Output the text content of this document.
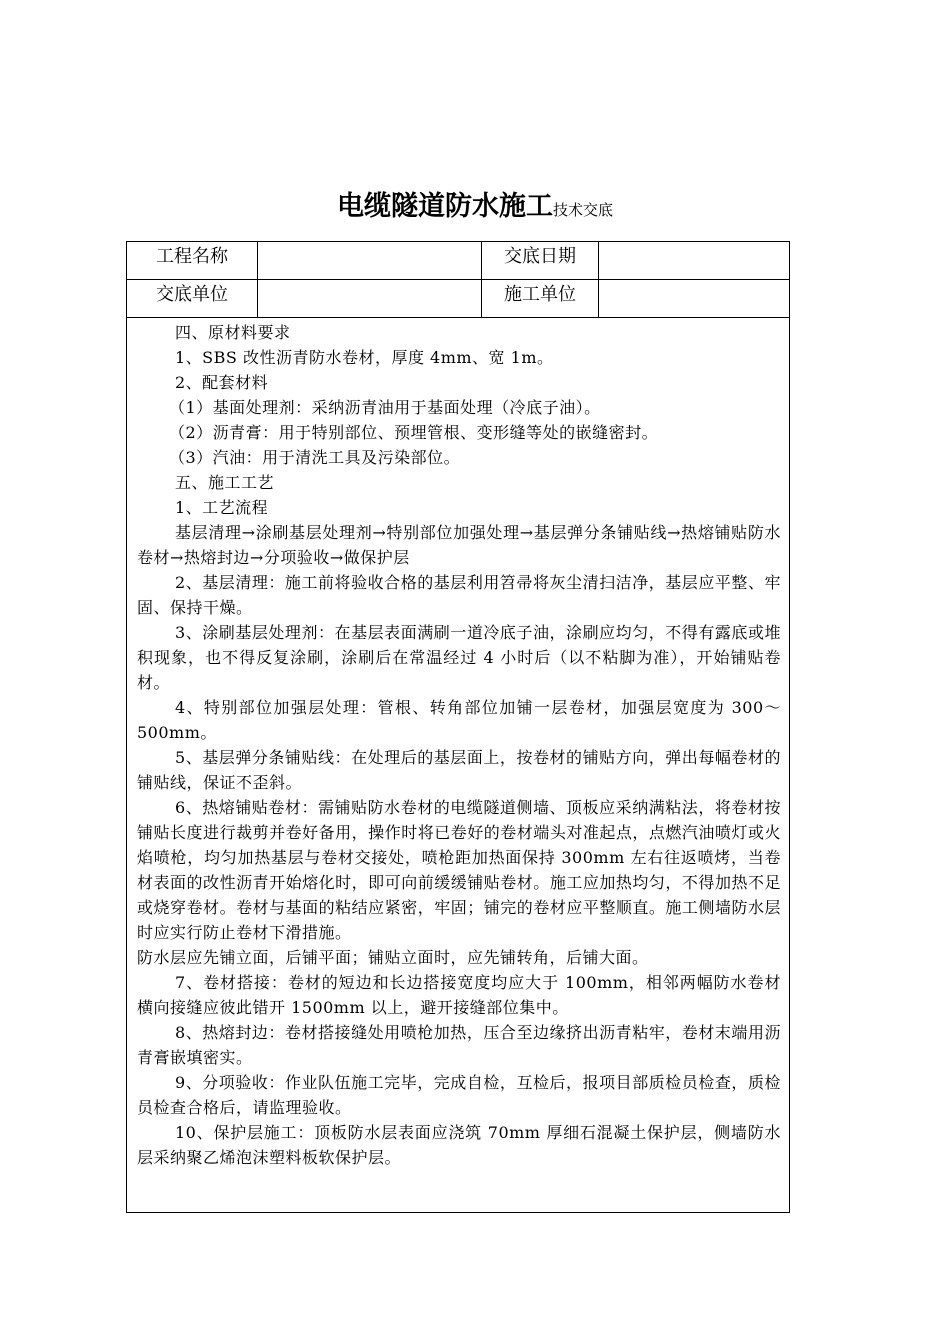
电缆隧道防水施工技术交底
工程名称	交底日期
交底单位	施工单位

四、原材料要求

1、SBS 改性沥青防水卷材，厚度 4mm、宽 1m。

2、配套材料

（1）基面处理剂：采纳沥青油用于基面处理（冷底子油）。

（2）沥青膏：用于特别部位、预埋管根、变形缝等处的嵌缝密封。

（3）汽油：用于清洗工具及污染部位。

五、施工工艺

1、工艺流程

基层清理→涂刷基层处理剂→特别部位加强处理→基层弹分条铺贴线→热熔铺贴防水卷材→热熔封边→分项验收→做保护层

2、基层清理：施工前将验收合格的基层利用笤帚将灰尘清扫洁净，基层应平整、牢固、保持干燥。

3、涂刷基层处理剂：在基层表面满刷一道冷底子油，涂刷应均匀，不得有露底或堆积现象，也不得反复涂刷，涂刷后在常温经过 4 小时后（以不粘脚为准），开始铺贴卷材。

4、特别部位加强层处理：管根、转角部位加铺一层卷材，加强层宽度为 300～500mm。

5、基层弹分条铺贴线：在处理后的基层面上，按卷材的铺贴方向，弹出每幅卷材的铺贴线，保证不歪斜。

6、热熔铺贴卷材：需铺贴防水卷材的电缆隧道侧墙、顶板应采纳满粘法，将卷材按铺贴长度进行裁剪并卷好备用，操作时将已卷好的卷材端头对准起点，点燃汽油喷灯或火焰喷枪，均匀加热基层与卷材交接处，喷枪距加热面保持 300mm 左右往返喷烤，当卷材表面的改性沥青开始熔化时，即可向前缓缓铺贴卷材。施工应加热均匀，不得加热不足或烧穿卷材。卷材与基面的粘结应紧密，牢固；铺完的卷材应平整顺直。施工侧墙防水层时应实行防止卷材下滑措施。

防水层应先铺立面，后铺平面；铺贴立面时，应先铺转角，后铺大面。

7、卷材搭接：卷材的短边和长边搭接宽度均应大于 100mm，相邻两幅防水卷材横向接缝应彼此错开 1500mm 以上，避开接缝部位集中。

8、热熔封边：卷材搭接缝处用喷枪加热，压合至边缘挤出沥青粘牢，卷材末端用沥青膏嵌填密实。

9、分项验收：作业队伍施工完毕，完成自检，互检后，报项目部质检员检查，质检员检查合格后，请监理验收。

10、保护层施工：顶板防水层表面应浇筑 70mm 厚细石混凝土保护层，侧墙防水层采纳聚乙烯泡沫塑料板软保护层。
